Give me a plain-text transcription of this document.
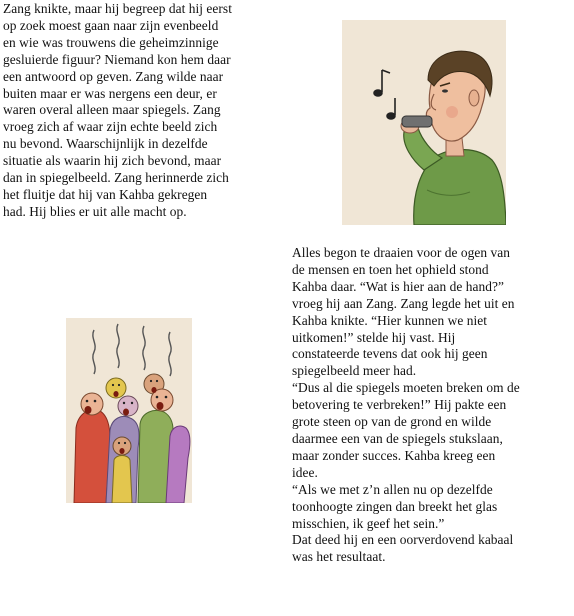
Zang knikte, maar hij begreep dat hij eerst
op zoek moest gaan naar zijn evenbeeld
en wie was trouwens die geheimzinnige
gesluierde figuur? Niemand kon hem daar
een antwoord op geven. Zang wilde naar
buiten maar er was nergens een deur, er
waren overal alleen maar spiegels. Zang
vroeg zich af waar zijn echte beeld zich
nu bevond. Waarschijnlijk in dezelfde
situatie als waarin hij zich bevond, maar
dan in spiegelbeeld. Zang herinnerde zich
het fluitje dat hij van Kahba gekregen
had. Hij blies er uit alle macht op.
Alles begon te draaien voor de ogen van
de mensen en toen het ophield stond
Kahba daar. “Wat is hier aan de hand?”
vroeg hij aan Zang. Zang legde het uit en
Kahba knikte. “Hier kunnen we niet
uitkomen!” stelde hij vast. Hij
constateerde tevens dat ook hij geen
spiegelbeeld meer had.
“Dus al die spiegels moeten breken om de
betovering te verbreken!” Hij pakte een
grote steen op van de grond en wilde
daarmee een van de spiegels stukslaan,
maar zonder succes. Kahba kreeg een
idee.
“Als we met z’n allen nu op dezelfde
toonhoogte zingen dan breekt het glas
misschien, ik geef het sein.”
Dat deed hij en een oorverdovend kabaal
was het resultaat.
